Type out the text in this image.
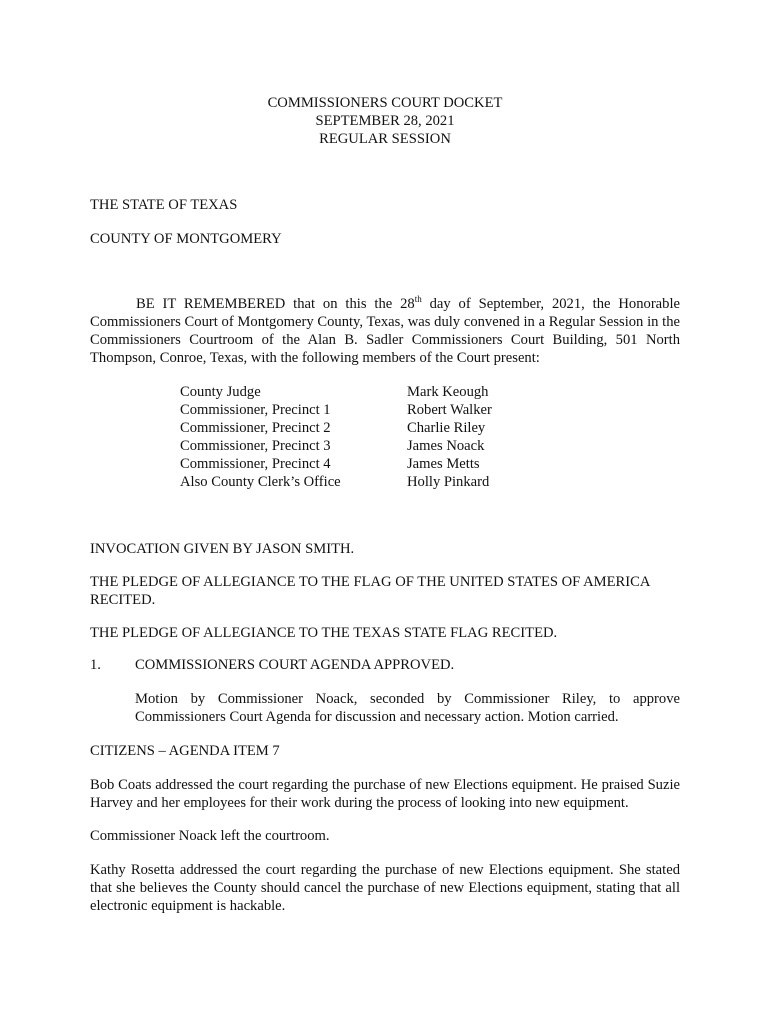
COMMISSIONERS COURT DOCKET
SEPTEMBER 28, 2021
REGULAR SESSION
THE STATE OF TEXAS
COUNTY OF MONTGOMERY

BE IT REMEMBERED that on this the 28th day of September, 2021, the Honorable Commissioners Court of Montgomery County, Texas, was duly convened in a Regular Session in the Commissioners Courtroom of the Alan B. Sadler Commissioners Court Building, 501 North Thompson, Conroe, Texas, with the following members of the Court present:

County Judge	Mark Keough
Commissioner, Precinct 1	Robert Walker
Commissioner, Precinct 2	Charlie Riley
Commissioner, Precinct 3	James Noack
Commissioner, Precinct 4	James Metts
Also County Clerk’s Office	Holly Pinkard
INVOCATION GIVEN BY JASON SMITH.

THE PLEDGE OF ALLEGIANCE TO THE FLAG OF THE UNITED STATES OF AMERICA RECITED.

THE PLEDGE OF ALLEGIANCE TO THE TEXAS STATE FLAG RECITED.
1. COMMISSIONERS COURT AGENDA APPROVED.

Motion by Commissioner Noack, seconded by Commissioner Riley, to approve Commissioners Court Agenda for discussion and necessary action. Motion carried.

CITIZENS – AGENDA ITEM 7

Bob Coats addressed the court regarding the purchase of new Elections equipment. He praised Suzie Harvey and her employees for their work during the process of looking into new equipment.

Commissioner Noack left the courtroom.

Kathy Rosetta addressed the court regarding the purchase of new Elections equipment. She stated that she believes the County should cancel the purchase of new Elections equipment, stating that all electronic equipment is hackable.
